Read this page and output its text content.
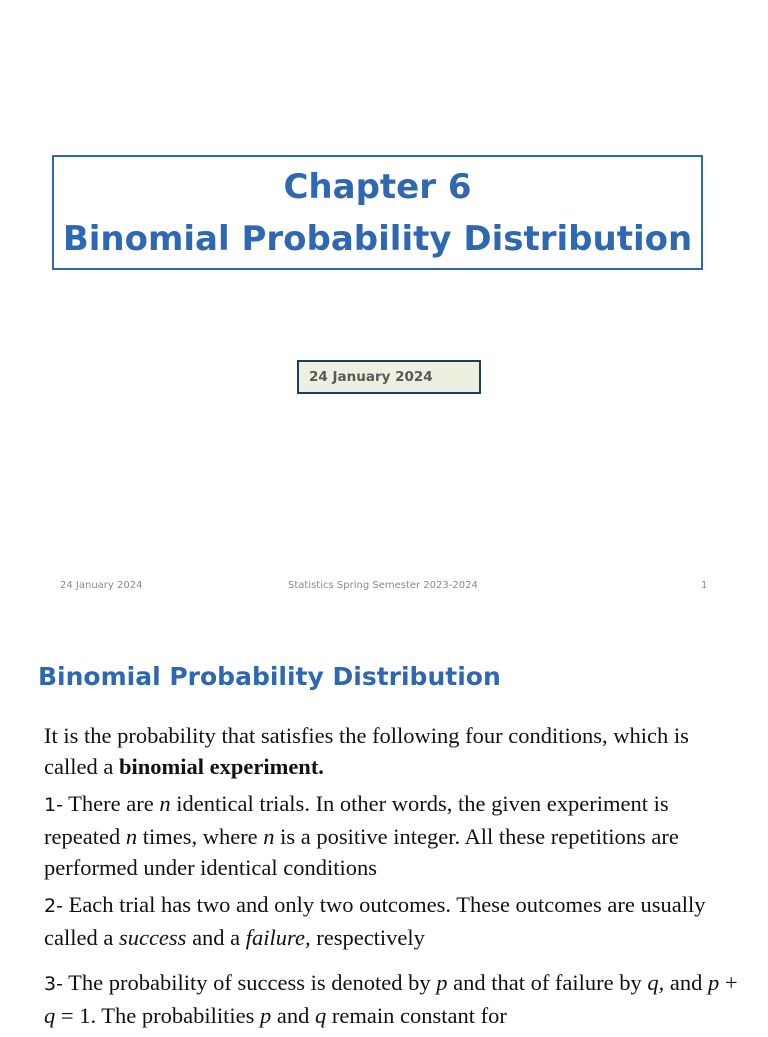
Chapter 6
Binomial Probability Distribution
24 January 2024
24 January 2024	Statistics Spring Semester 2023-2024	1
Binomial Probability Distribution

It is the probability that satisfies the following four conditions, which is called a binomial experiment.

1- There are n identical trials. In other words, the given experiment is repeated n times, where n is a positive integer. All these repetitions are performed under identical conditions

2- Each trial has two and only two outcomes. These outcomes are usually called a success and a failure, respectively

3- The probability of success is denoted by p and that of failure by q, and p + q = 1. The probabilities p and q remain constant for
